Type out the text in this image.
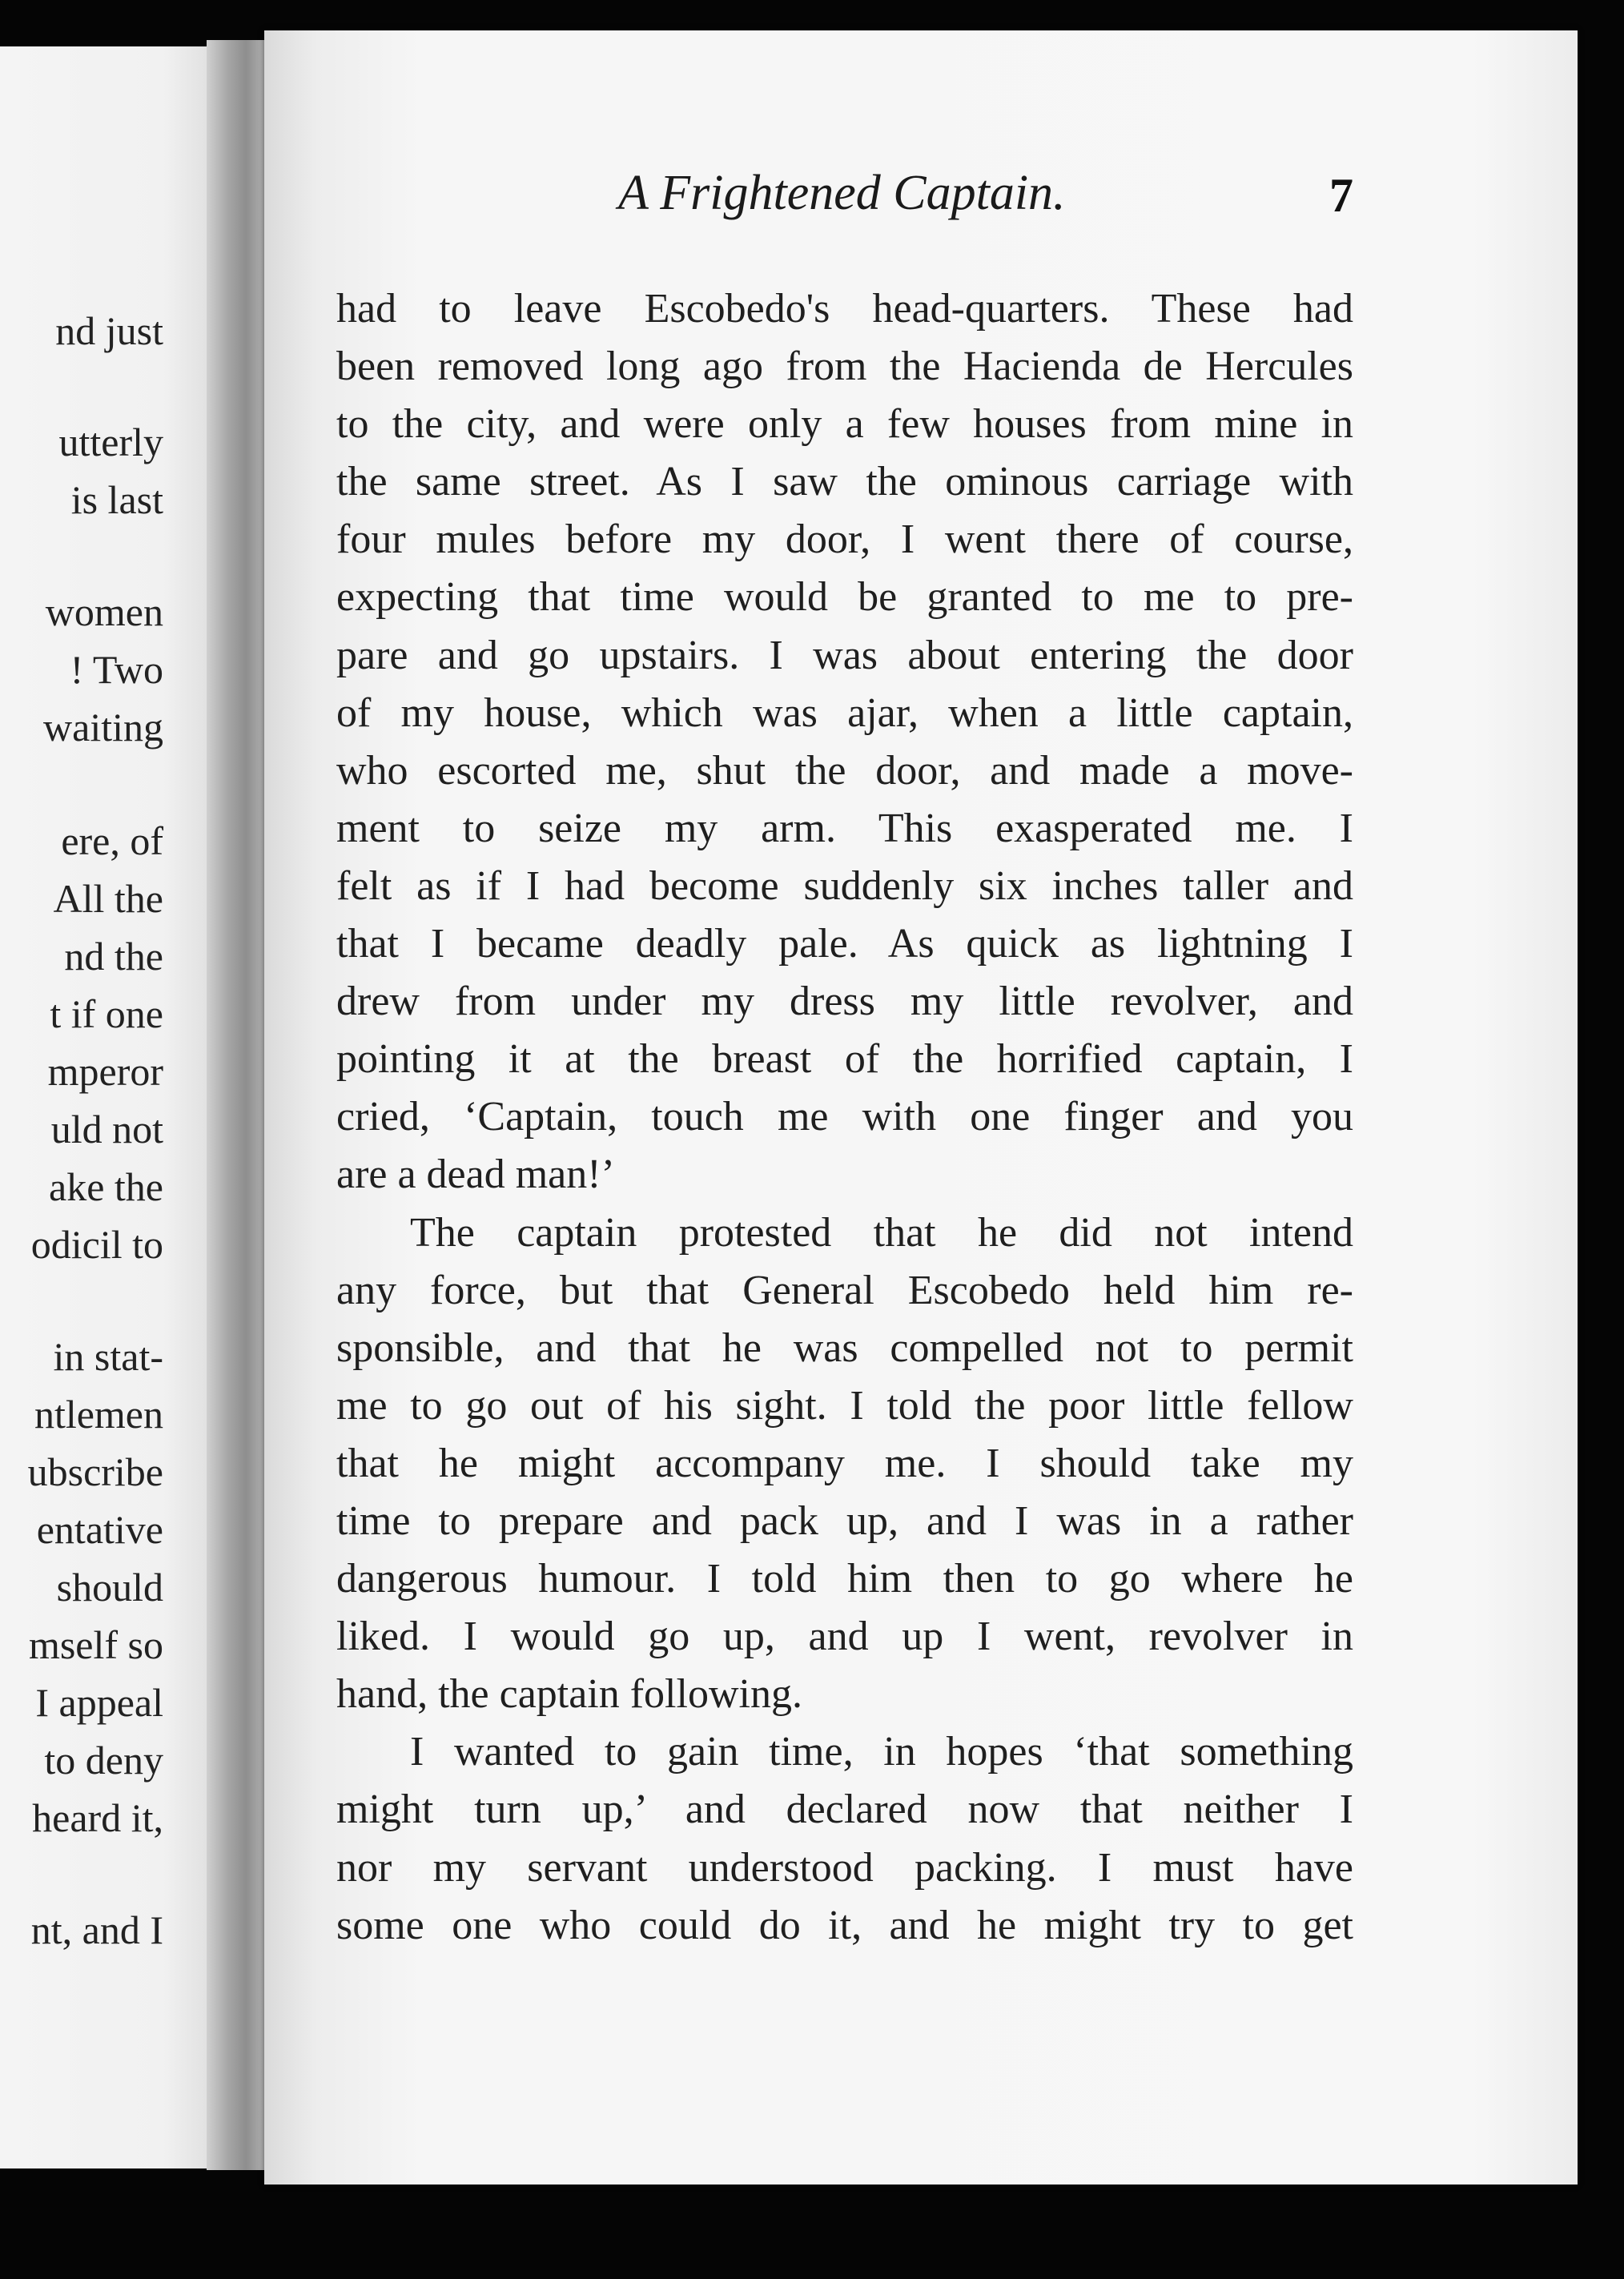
nd just
utterly
is last
women
! Two
waiting
ere, of
All the
nd the
t if one
mperor
uld not
ake the
odicil to
in stat-
ntlemen
ubscribe
entative
should
mself so
I appeal
to deny
heard it,
nt, and I
A Frightened Captain.	7
had to leave Escobedo's head-quarters. These had
been removed long ago from the Hacienda de Hercules
to the city, and were only a few houses from mine in
the same street. As I saw the ominous carriage with
four mules before my door, I went there of course,
expecting that time would be granted to me to pre-
pare and go upstairs. I was about entering the door
of my house, which was ajar, when a little captain,
who escorted me, shut the door, and made a move-
ment to seize my arm. This exasperated me. I
felt as if I had become suddenly six inches taller and
that I became deadly pale. As quick as lightning I
drew from under my dress my little revolver, and
pointing it at the breast of the horrified captain, I
cried, ‘Captain, touch me with one finger and you
are a dead man!’
The captain protested that he did not intend
any force, but that General Escobedo held him re-
sponsible, and that he was compelled not to permit
me to go out of his sight. I told the poor little fellow
that he might accompany me. I should take my
time to prepare and pack up, and I was in a rather
dangerous humour. I told him then to go where he
liked. I would go up, and up I went, revolver in
hand, the captain following.
I wanted to gain time, in hopes ‘that something
might turn up,’ and declared now that neither I
nor my servant understood packing. I must have
some one who could do it, and he might try to get
